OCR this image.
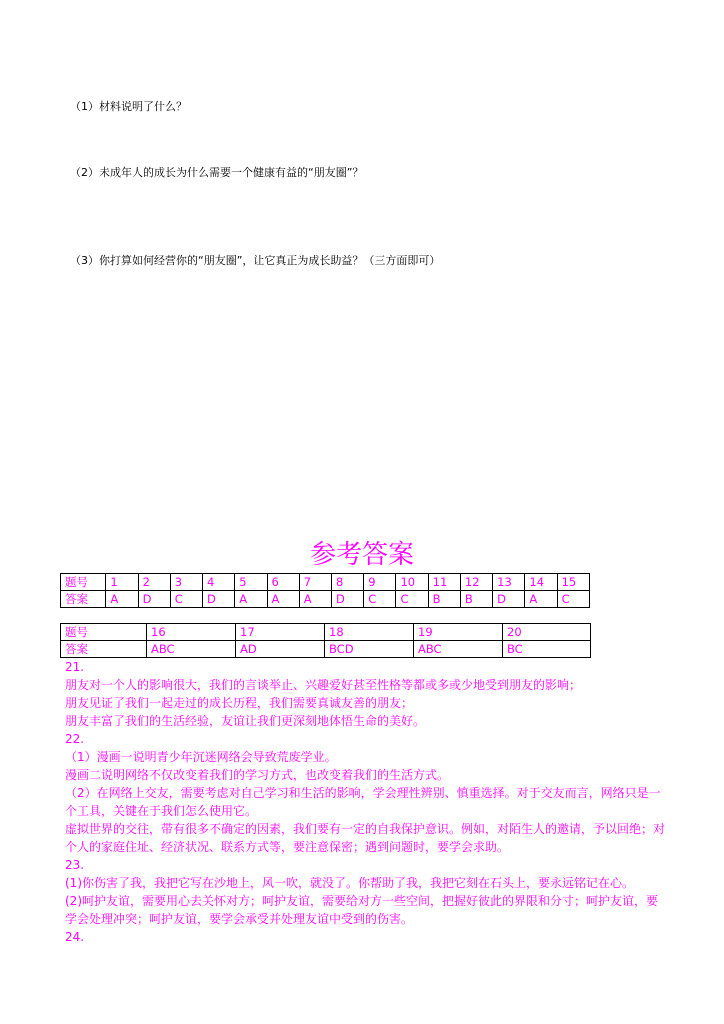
（1）材料说明了什么？
（2）未成年人的成长为什么需要一个健康有益的“朋友圈”？
（3）你打算如何经营你的“朋友圈”，让它真正为成长助益？（三方面即可）
参考答案
题号	1	2	3	4	5	6	7	8	9	10	11	12	13	14	15
答案	A	D	C	D	A	A	A	D	C	C	B	B	D	A	C
题号	16	17	18	19	20
答案	ABC	AD	BCD	ABC	BC

21.

朋友对一个人的影响很大，我们的言谈举止、兴趣爱好甚至性格等都或多或少地受到朋友的影响；

朋友见证了我们一起走过的成长历程，我们需要真诚友善的朋友；

朋友丰富了我们的生活经验，友谊让我们更深刻地体悟生命的美好。

22.

（1）漫画一说明青少年沉迷网络会导致荒废学业。

漫画二说明网络不仅改变着我们的学习方式，也改变着我们的生活方式。

（2）在网络上交友，需要考虑对自己学习和生活的影响，学会理性辨别、慎重选择。对于交友而言，网络只是一个工具，关键在于我们怎么使用它。

虚拟世界的交往，带有很多不确定的因素，我们要有一定的自我保护意识。例如，对陌生人的邀请，予以回绝；对个人的家庭住址、经济状况、联系方式等，要注意保密；遇到问题时，要学会求助。

23.

(1)你伤害了我，我把它写在沙地上，风一吹，就没了。你帮助了我，我把它刻在石头上，要永远铭记在心。

(2)呵护友谊，需要用心去关怀对方；呵护友谊，需要给对方一些空间，把握好彼此的界限和分寸；呵护友谊，要学会处理冲突；呵护友谊，要学会承受并处理友谊中受到的伤害。

24.
